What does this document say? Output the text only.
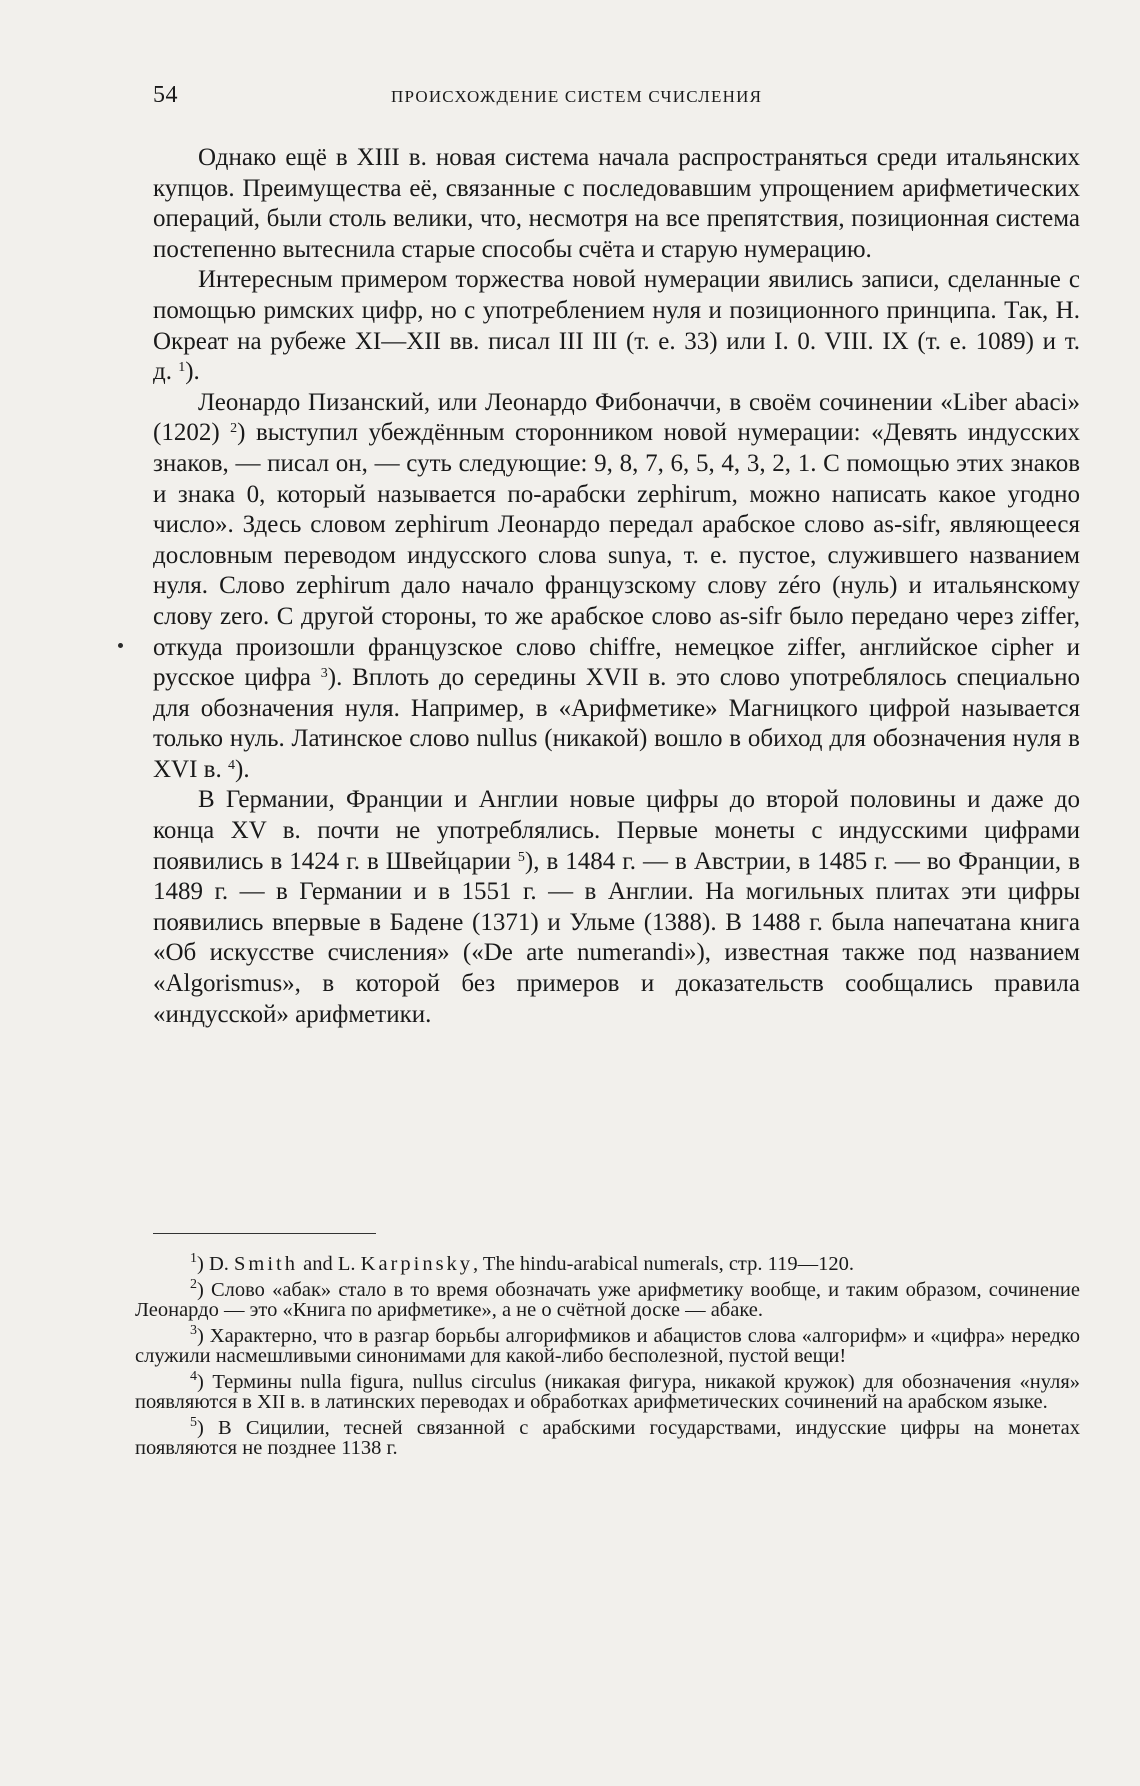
54	ПРОИСХОЖДЕНИЕ СИСТЕМ СЧИСЛЕНИЯ

Однако ещё в XIII в. новая система начала распространяться среди итальянских купцов. Преимущества её, связанные с последовавшим упрощением арифметических операций, были столь велики, что, несмотря на все препятствия, позиционная система постепенно вытеснила старые способы счёта и старую нумерацию.

Интересным примером торжества новой нумерации явились записи, сделанные с помощью римских цифр, но с употреблением нуля и позиционного принципа. Так, Н. Окреат на рубеже XI—XII вв. писал III III (т. е. 33) или I. 0. VIII. IX (т. е. 1089) и т. д. $^1$).

Леонардо Пизанский, или Леонардо Фибоначчи, в своём сочинении «Liber abaci» (1202) $^2$) выступил убеждённым сторонником новой нумерации: «Девять индусских знаков, — писал он, — суть следующие: 9, 8, 7, 6, 5, 4, 3, 2, 1. С помощью этих знаков и знака 0, который называется по-арабски zephirum, можно написать какое угодно число». Здесь словом zephirum Леонардо передал арабское слово as-sifr, являющееся дословным переводом индусского слова sunya, т. е. пустое, служившего названием нуля. Слово zephirum дало начало французскому слову zéro (нуль) и итальянскому слову zero. С другой стороны, то же арабское слово as-sifr было передано через ziffer, откуда произошли французское слово chiffre, немецкое ziffer, английское cipher и русское цифра $^3$). Вплоть до середины XVII в. это слово употреблялось специально для обозначения нуля. Например, в «Арифметике» Магницкого цифрой называется только нуль. Латинское слово nullus (никакой) вошло в обиход для обозначения нуля в XVI в. $^4$).

В Германии, Франции и Англии новые цифры до второй половины и даже до конца XV в. почти не употреблялись. Первые монеты с индусскими цифрами появились в 1424 г. в Швейцарии $^5$), в 1484 г. — в Австрии, в 1485 г. — во Франции, в 1489 г. — в Германии и в 1551 г. — в Англии. На могильных плитах эти цифры появились впервые в Бадене (1371) и Ульме (1388). В 1488 г. была напечатана книга «Об искусстве счисления» («De arte numerandi»), известная также под названием «Algorismus», в которой без примеров и доказательств сообщались правила «индусской» арифметики.

$^1$) D. Smith and L. Karpinsky, The hindu-arabical numerals, стр. 119—120.

$^2$) Слово «абак» стало в то время обозначать уже арифметику вообще, и таким образом, сочинение Леонардо — это «Книга по арифметике», а не о счётной доске — абаке.

$^3$) Характерно, что в разгар борьбы алгорифмиков и абацистов слова «алгорифм» и «цифра» нередко служили насмешливыми синонимами для какой-либо бесполезной, пустой вещи!

$^4$) Термины nulla figura, nullus circulus (никакая фигура, никакой кружок) для обозначения «нуля» появляются в XII в. в латинских переводах и обработках арифметических сочинений на арабском языке.

$^5$) В Сицилии, тесней связанной с арабскими государствами, индусские цифры на монетах появляются не позднее 1138 г.
